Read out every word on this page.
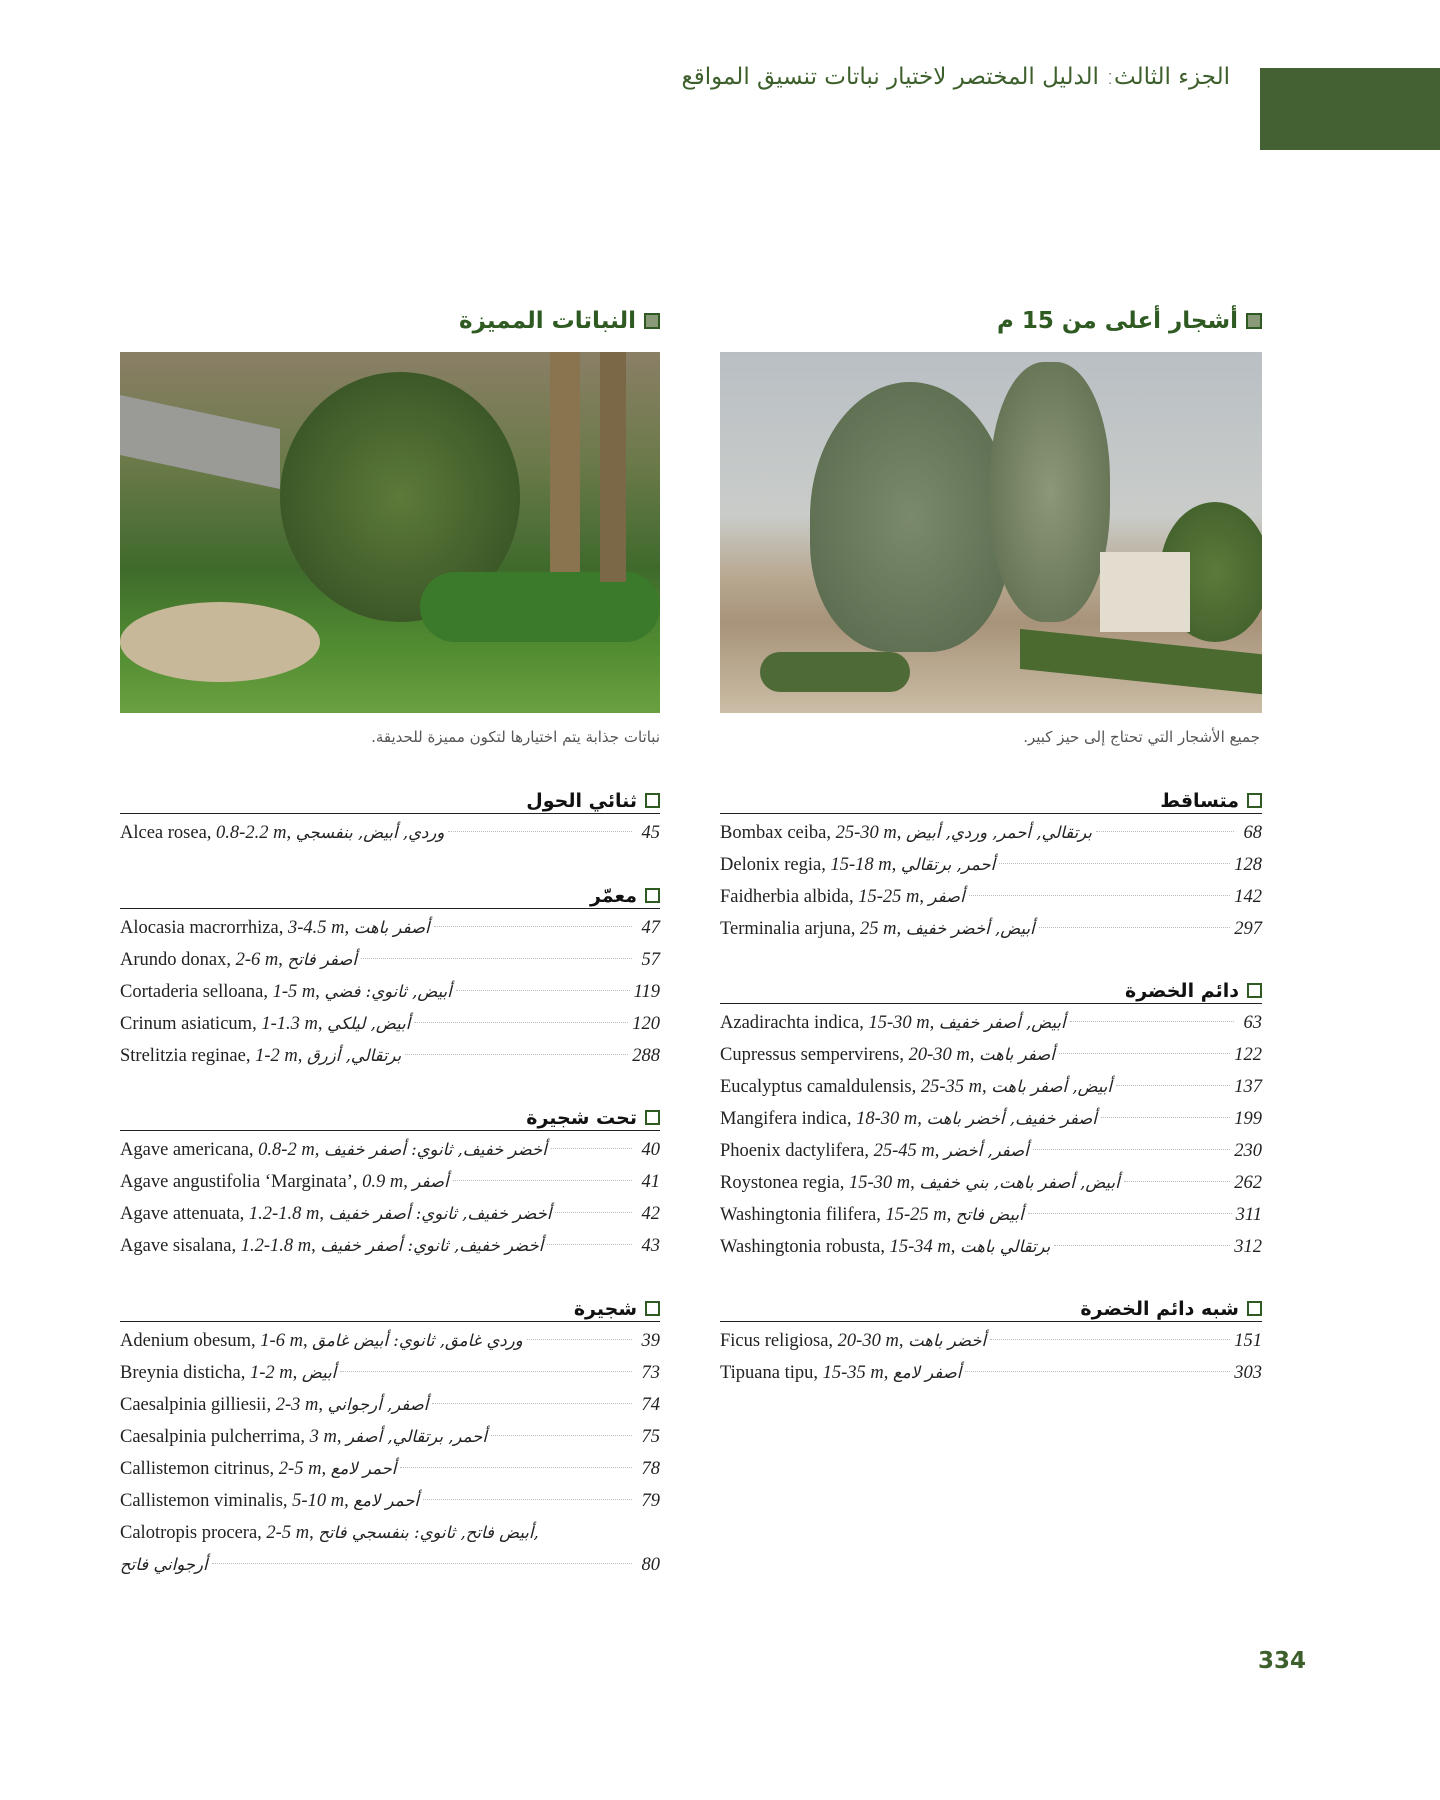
الجزء الثالث: الدليل المختصر لاختيار نباتات تنسيق المواقع
أشجار أعلى من 15 م
النباتات المميزة
جميع الأشجار التي تحتاج إلى حيز كبير.
نباتات جذابة يتم اختيارها لتكون مميزة للحديقة.
متساقط
Bombax ceiba, 25-30 m, برتقالي, أحمر, وردي, أبيض	68
Delonix regia, 15-18 m, أحمر, برتقالي	128
Faidherbia albida, 15-25 m, أصفر	142
Terminalia arjuna, 25 m, أبيض, أخضر خفيف	297
دائم الخضرة
Azadirachta indica, 15-30 m, أبيض, أصفر خفيف	63
Cupressus sempervirens, 20-30 m, أصفر باهت	122
Eucalyptus camaldulensis, 25-35 m, أبيض, أصفر باهت	137
Mangifera indica, 18-30 m, أصفر خفيف, أخضر باهت	199
Phoenix dactylifera, 25-45 m, أصفر, أخضر	230
Roystonea regia, 15-30 m, أبيض, أصفر باهت, بني خفيف	262
Washingtonia filifera, 15-25 m, أبيض فاتح	311
Washingtonia robusta, 15-34 m, برتقالي باهت	312
شبه دائم الخضرة
Ficus religiosa, 20-30 m, أخضر باهت	151
Tipuana tipu, 15-35 m, أصفر لامع	303
ثنائي الحول
Alcea rosea, 0.8-2.2 m, وردي, أبيض, بنفسجي	45
معمّر
Alocasia macrorrhiza, 3-4.5 m, أصفر باهت	47
Arundo donax, 2-6 m, أصفر فاتح	57
Cortaderia selloana, 1-5 m, أبيض, ثانوي: فضي	119
Crinum asiaticum, 1-1.3 m, أبيض, ليلكي	120
Strelitzia reginae, 1-2 m, برتقالي, أزرق	288
تحت شجيرة
Agave americana, 0.8-2 m, أخضر خفيف, ثانوي: أصفر خفيف	40
Agave angustifolia ‘Marginata’, 0.9 m, أصفر	41
Agave attenuata, 1.2-1.8 m, أخضر خفيف, ثانوي: أصفر خفيف	42
Agave sisalana, 1.2-1.8 m, أخضر خفيف, ثانوي: أصفر خفيف	43
شجيرة
Adenium obesum, 1-6 m, وردي غامق, ثانوي: أبيض غامق	39
Breynia disticha, 1-2 m, أبيض	73
Caesalpinia gilliesii, 2-3 m, أصفر, أرجواني	74
Caesalpinia pulcherrima, 3 m, أحمر, برتقالي, أصفر	75
Callistemon citrinus, 2-5 m, أحمر لامع	78
Callistemon viminalis, 5-10 m, أحمر لامع	79
Calotropis procera, 2-5 m, أبيض فاتح, ثانوي: بنفسجي فاتح,
أرجواني فاتح	80
334
